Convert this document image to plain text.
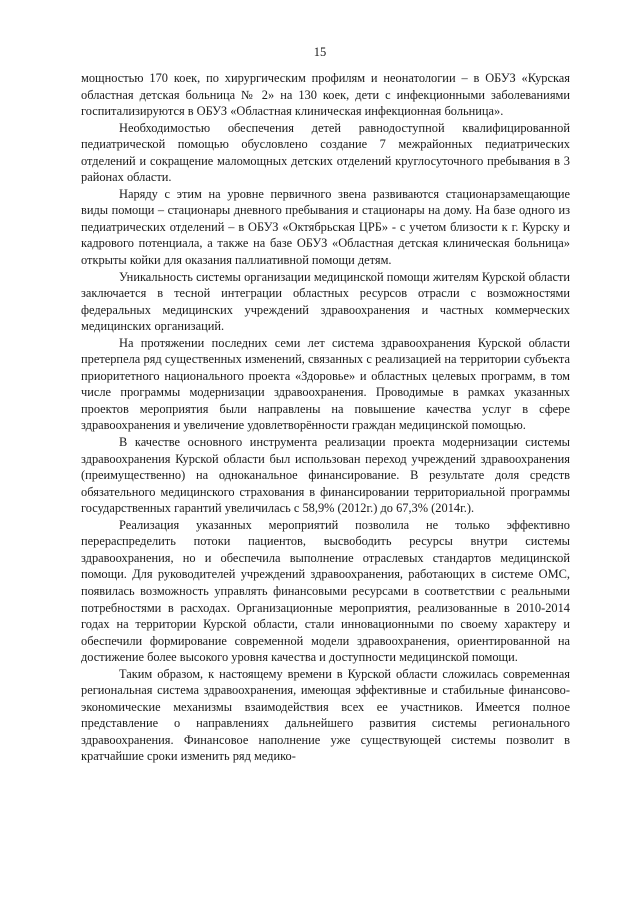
15

мощностью 170 коек, по хирургическим профилям и неонатологии – в ОБУЗ «Курская областная детская больница № 2» на 130 коек, дети с инфекционными заболеваниями госпитализируются в ОБУЗ «Областная клиническая инфекционная больница».

Необходимостью обеспечения детей равнодоступной квалифицированной педиатрической помощью обусловлено создание 7 межрайонных педиатрических отделений и сокращение маломощных детских отделений круглосуточного пребывания в 3 районах области.

Наряду с этим на уровне первичного звена развиваются стационарзамещающие виды помощи – стационары дневного пребывания и стационары на дому. На базе одного из педиатрических отделений – в ОБУЗ «Октябрьская ЦРБ» - с учетом близости к г. Курску и кадрового потенциала, а также на базе ОБУЗ «Областная детская клиническая больница» открыты койки для оказания паллиативной помощи детям.

Уникальность системы организации медицинской помощи жителям Курской области заключается в тесной интеграции областных ресурсов отрасли с возможностями федеральных медицинских учреждений здравоохранения и частных коммерческих медицинских организаций.

На протяжении последних семи лет система здравоохранения Курской области претерпела ряд существенных изменений, связанных с реализацией на территории субъекта приоритетного национального проекта «Здоровье» и областных целевых программ, в том числе программы модернизации здравоохранения. Проводимые в рамках указанных проектов мероприятия были направлены на повышение качества услуг в сфере здравоохранения и увеличение удовлетворённости граждан медицинской помощью.

В качестве основного инструмента реализации проекта модернизации системы здравоохранения Курской области был использован переход учреждений здравоохранения (преимущественно) на одноканальное финансирование. В результате доля средств обязательного медицинского страхования в финансировании территориальной программы государственных гарантий увеличилась с 58,9% (2012г.) до 67,3% (2014г.).

Реализация указанных мероприятий позволила не только эффективно перераспределить потоки пациентов, высвободить ресурсы внутри системы здравоохранения, но и обеспечила выполнение отраслевых стандартов медицинской помощи. Для руководителей учреждений здравоохранения, работающих в системе ОМС, появилась возможность управлять финансовыми ресурсами в соответствии с реальными потребностями в расходах. Организационные мероприятия, реализованные в 2010-2014 годах на территории Курской области, стали инновационными по своему характеру и обеспечили формирование современной модели здравоохранения, ориентированной на достижение более высокого уровня качества и доступности медицинской помощи.

Таким образом, к настоящему времени в Курской области сложилась современная региональная система здравоохранения, имеющая эффективные и стабильные финансово-экономические механизмы взаимодействия всех ее участников. Имеется полное представление о направлениях дальнейшего развития системы регионального здравоохранения. Финансовое наполнение уже существующей системы позволит в кратчайшие сроки изменить ряд медико-
